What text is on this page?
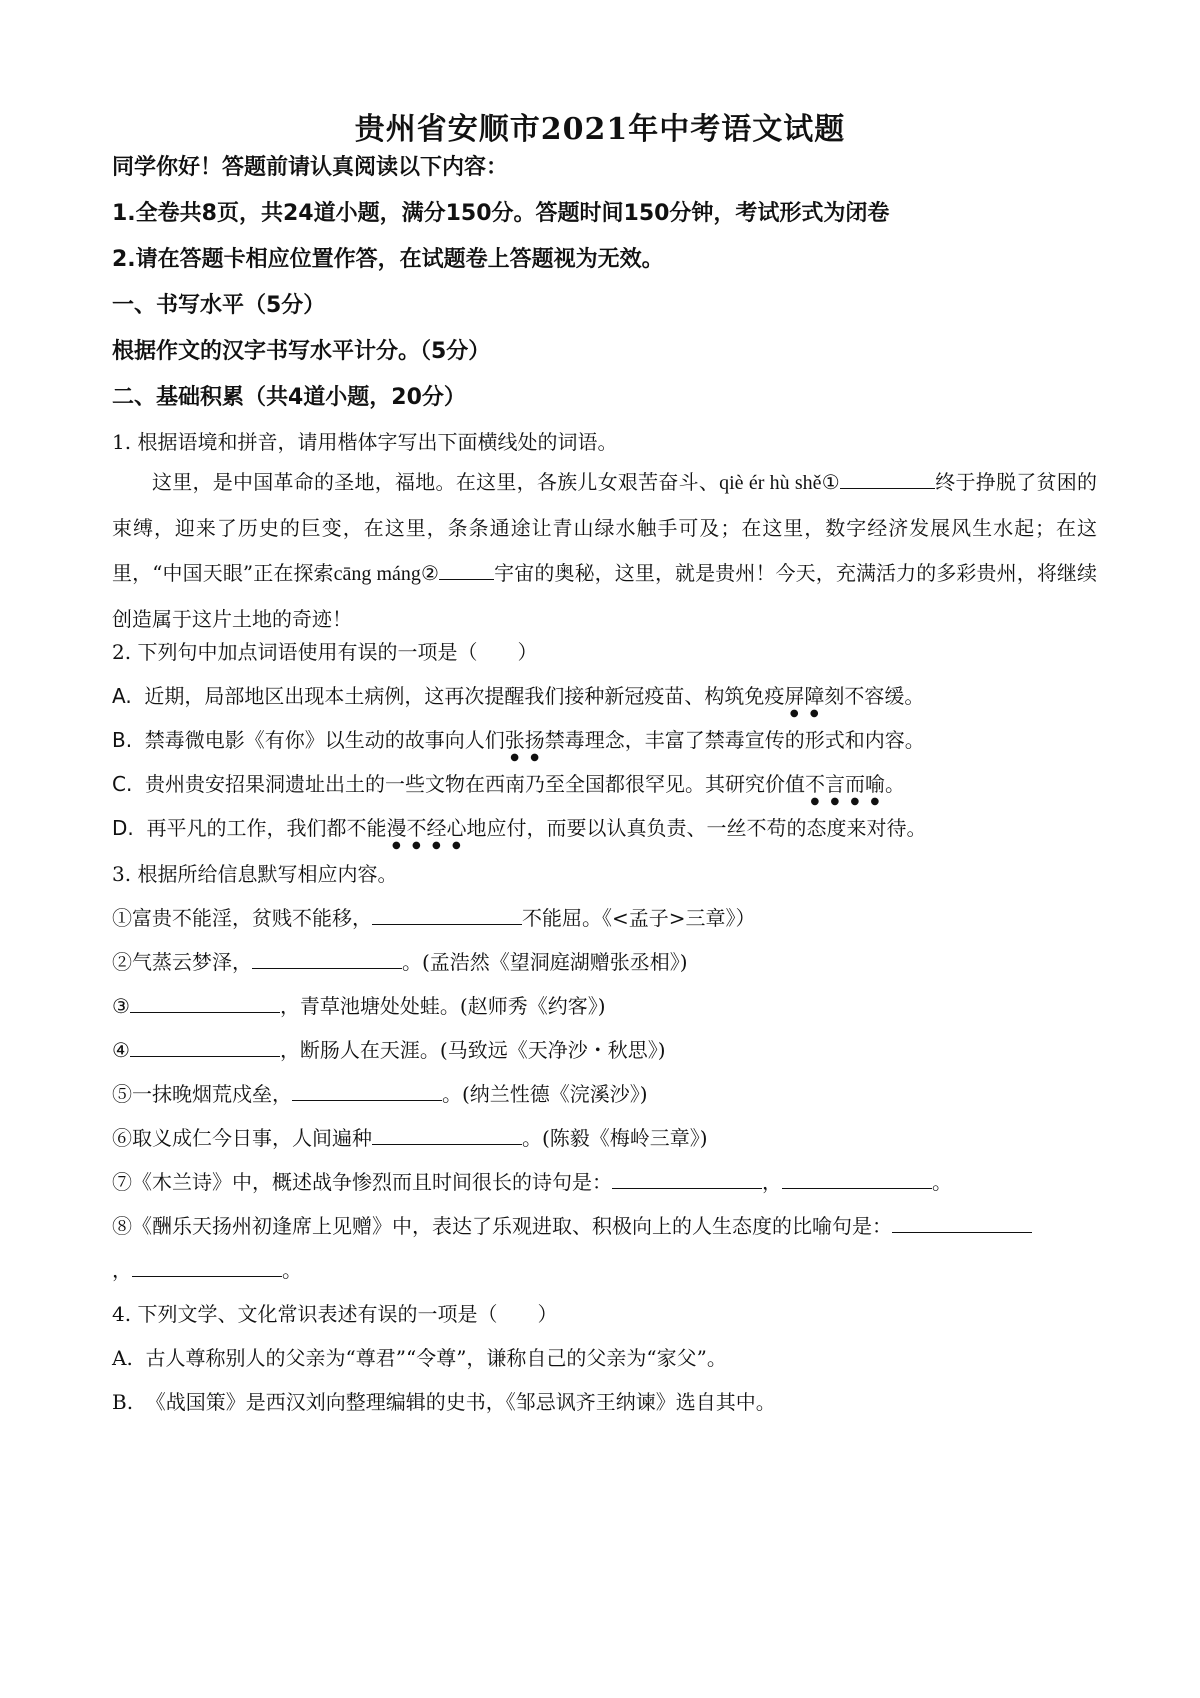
贵州省安顺市2021年中考语文试题
同学你好！答题前请认真阅读以下内容：
1.全卷共8页，共24道小题，满分150分。答题时间150分钟，考试形式为闭卷
2.请在答题卡相应位置作答，在试题卷上答题视为无效。
一、书写水平（5分）
根据作文的汉字书写水平计分。（5分）
二、基础积累（共4道小题，20分）
1. 根据语境和拼音，请用楷体字写出下面横线处的词语。
这里，是中国革命的圣地，福地。在这里，各族儿女艰苦奋斗、qiè ér hù shě①	终于挣脱了贫困的束缚，迎来了历史的巨变，在这里，条条通途让青山绿水触手可及；在这里，数字经济发展风生水起；在这里，“中国天眼”正在探索cāng máng②	宇宙的奥秘，这里，就是贵州！今天，充满活力的多彩贵州，将继续创造属于这片土地的奇迹！
2. 下列句中加点词语使用有误的一项是（　　）
A. 近期，局部地区出现本土病例，这再次提醒我们接种新冠疫苗、构筑免疫屏障刻不容缓。
B. 禁毒微电影《有你》以生动的故事向人们张扬禁毒理念，丰富了禁毒宣传的形式和内容。
C. 贵州贵安招果洞遗址出土的一些文物在西南乃至全国都很罕见。其研究价值不言而喻。
D. 再平凡的工作，我们都不能漫不经心地应付，而要以认真负责、一丝不苟的态度来对待。
3. 根据所给信息默写相应内容。
①富贵不能淫，贫贱不能移，	不能屈。《<孟子>三章》）
②气蒸云梦泽，	。(孟浩然《望洞庭湖赠张丞相》)
③	，青草池塘处处蛙。(赵师秀《约客》)
④	，断肠人在天涯。(马致远《天净沙・秋思》)
⑤一抹晚烟荒戍垒，	。(纳兰性德《浣溪沙》)
⑥取义成仁今日事，人间遍种	。(陈毅《梅岭三章》)
⑦《木兰诗》中，概述战争惨烈而且时间很长的诗句是：	，	。
⑧《酬乐天扬州初逢席上见赠》中，表达了乐观进取、积极向上的人生态度的比喻句是：
，	。
4. 下列文学、文化常识表述有误的一项是（　　）
A. 古人尊称别人的父亲为“尊君”“令尊”，谦称自己的父亲为“家父”。
B. 《战国策》是西汉刘向整理编辑的史书，《邹忌讽齐王纳谏》选自其中。
